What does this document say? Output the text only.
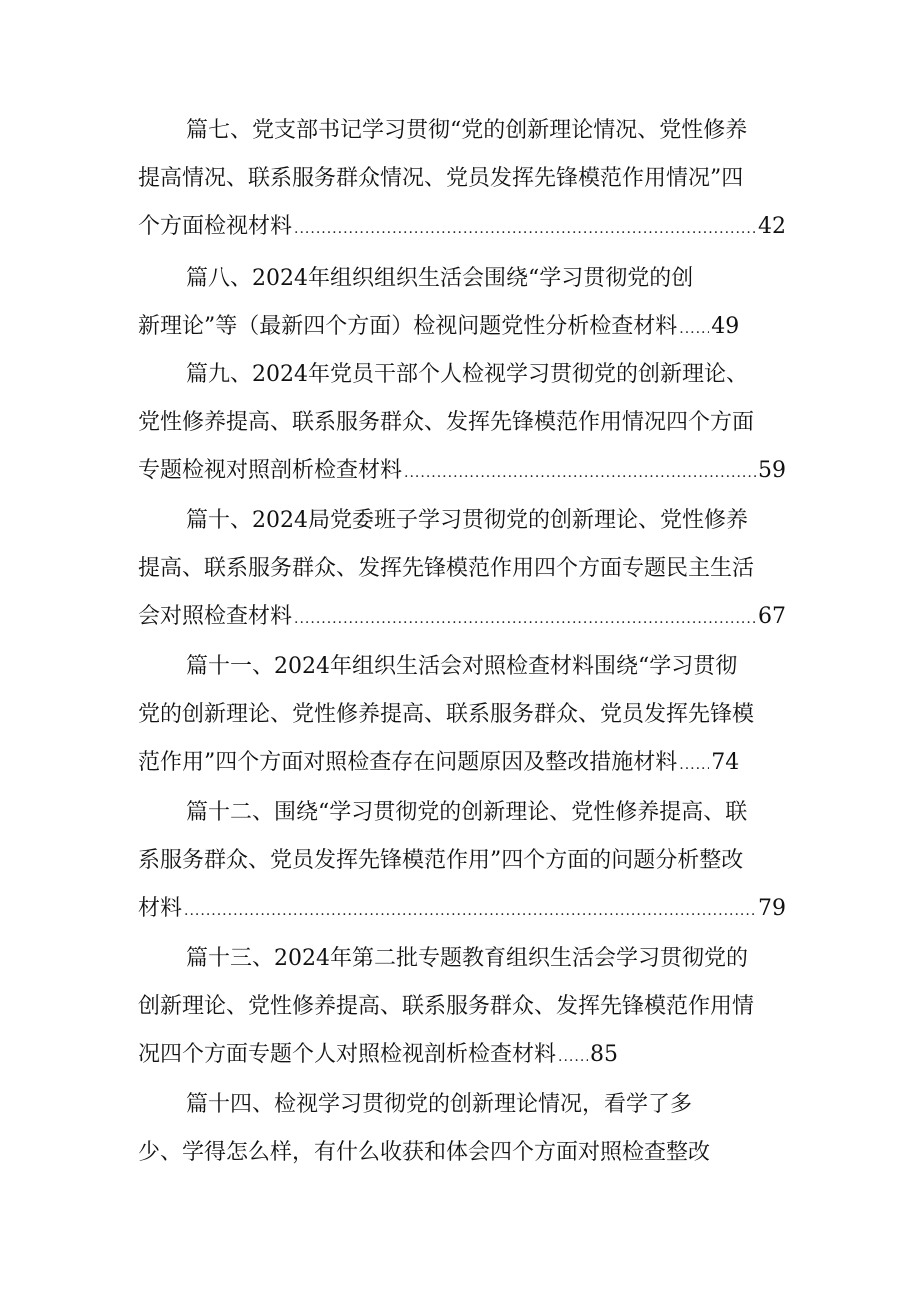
篇七、党支部书记学习贯彻“党的创新理论情况、党性修养
提高情况、联系服务群众情况、党员发挥先锋模范作用情况”四
个方面检视材料 .....	42
篇八、2024年组织组织生活会围绕“学习贯彻党的创
新理论”等（最新四个方面）检视问题党性分析检查材料 ..... 49
篇九、2024年党员干部个人检视学习贯彻党的创新理论、
党性修养提高、联系服务群众、发挥先锋模范作用情况四个方面
专题检视对照剖析检查材料 .....	59
篇十、2024局党委班子学习贯彻党的创新理论、党性修养
提高、联系服务群众、发挥先锋模范作用四个方面专题民主生活
会对照检查材料 .....	67
篇十一、2024年组织生活会对照检查材料围绕“学习贯彻
党的创新理论、党性修养提高、联系服务群众、党员发挥先锋模
范作用”四个方面对照检查存在问题原因及整改措施材料 ..... 74
篇十二、围绕“学习贯彻党的创新理论、党性修养提高、联
系服务群众、党员发挥先锋模范作用”四个方面的问题分析整改
材料 .....	79
篇十三、2024年第二批专题教育组织生活会学习贯彻党的
创新理论、党性修养提高、联系服务群众、发挥先锋模范作用情
况四个方面专题个人对照检视剖析检查材料 ..... 85
篇十四、检视学习贯彻党的创新理论情况，看学了多
少、学得怎么样，有什么收获和体会四个方面对照检查整改
